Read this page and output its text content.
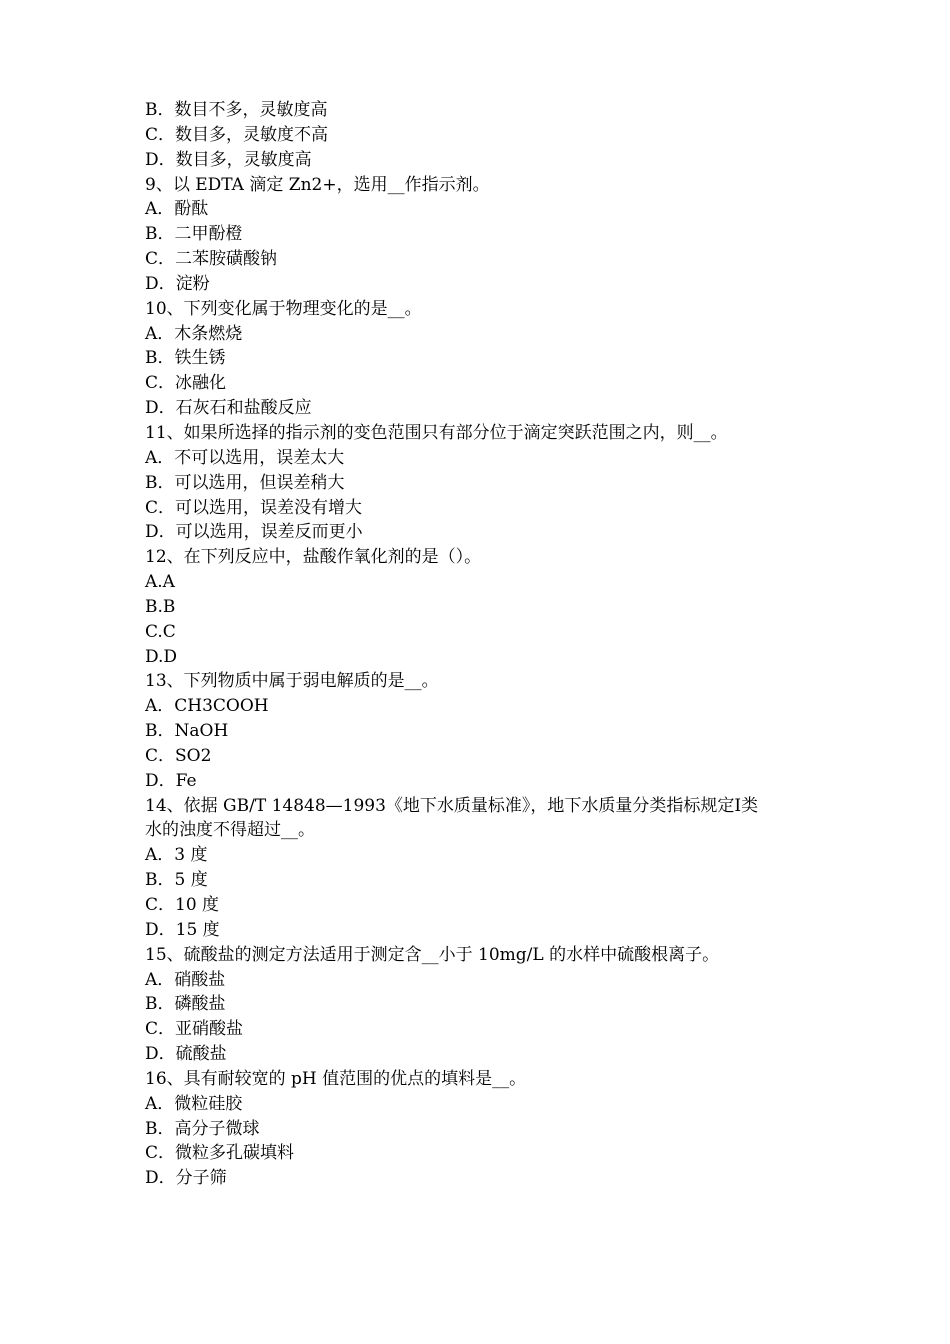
B．数目不多，灵敏度高
C．数目多，灵敏度不高
D．数目多，灵敏度高
9、以 EDTA 滴定 Zn2+，选用__作指示剂。
A．酚酞
B．二甲酚橙
C．二苯胺磺酸钠
D．淀粉
10、下列变化属于物理变化的是__。
A．木条燃烧
B．铁生锈
C．冰融化
D．石灰石和盐酸反应
11、如果所选择的指示剂的变色范围只有部分位于滴定突跃范围之内，则__。
A．不可以选用，误差太大
B．可以选用，但误差稍大
C．可以选用，误差没有增大
D．可以选用，误差反而更小
12、在下列反应中，盐酸作氧化剂的是（）。
A.A
B.B
C.C
D.D
13、下列物质中属于弱电解质的是__。
A．CH3COOH
B．NaOH
C．SO2
D．Fe
14、依据 GB/T 14848—1993《地下水质量标准》，地下水质量分类指标规定Ⅰ类
水的浊度不得超过__。
A．3 度
B．5 度
C．10 度
D．15 度
15、硫酸盐的测定方法适用于测定含__小于 10mg/L 的水样中硫酸根离子。
A．硝酸盐
B．磷酸盐
C．亚硝酸盐
D．硫酸盐
16、具有耐较宽的 pH 值范围的优点的填料是__。
A．微粒硅胶
B．高分子微球
C．微粒多孔碳填料
D．分子筛
